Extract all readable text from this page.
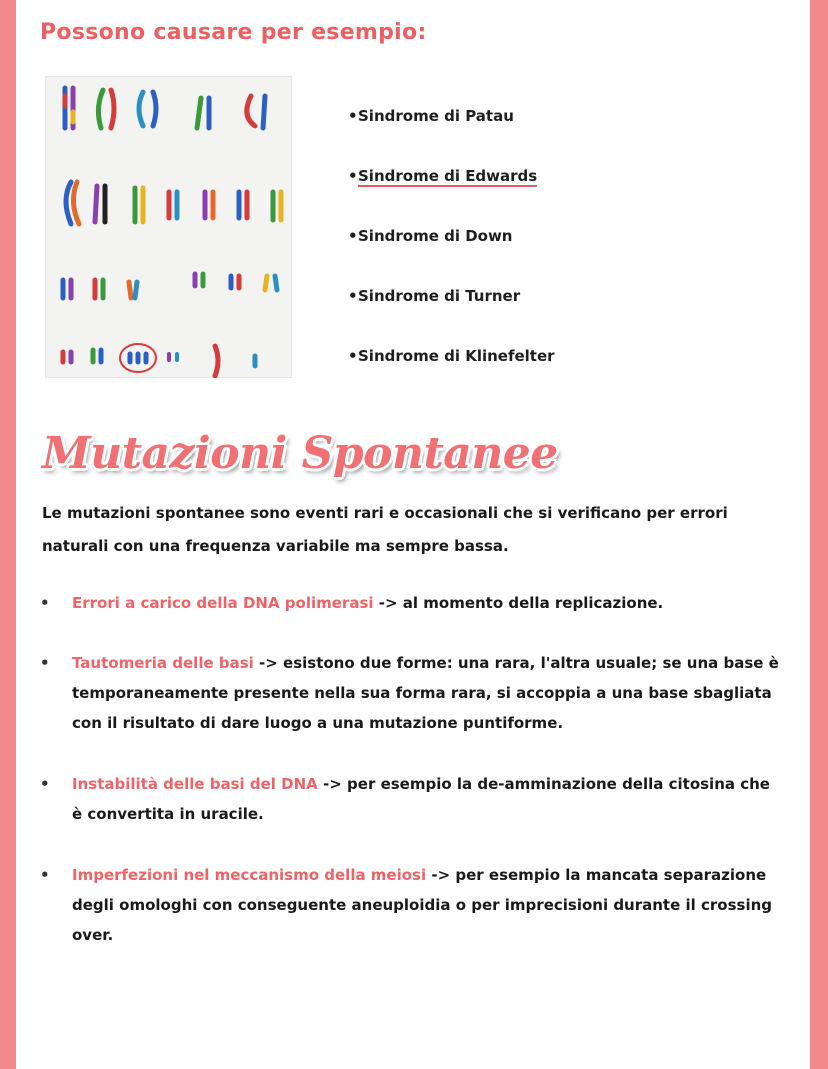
Possono causare per esempio:
• Sindrome di Patau
• Sindrome di Edwards
• Sindrome di Down
• Sindrome di Turner
• Sindrome di Klinefelter
Mutazioni Spontanee
Le mutazioni spontanee sono eventi rari e occasionali che si verificano per errori naturali con una frequenza variabile ma sempre bassa.
• Errori a carico della DNA polimerasi -> al momento della replicazione.
• Tautomeria delle basi -> esistono due forme: una rara, l'altra usuale; se una base è temporaneamente presente nella sua forma rara, si accoppia a una base sbagliata con il risultato di dare luogo a una mutazione puntiforme.
• Instabilità delle basi del DNA -> per esempio la de-amminazione della citosina che è convertita in uracile.
• Imperfezioni nel meccanismo della meiosi -> per esempio la mancata separazione degli omologhi con conseguente aneuploidia o per imprecisioni durante il crossing over.
